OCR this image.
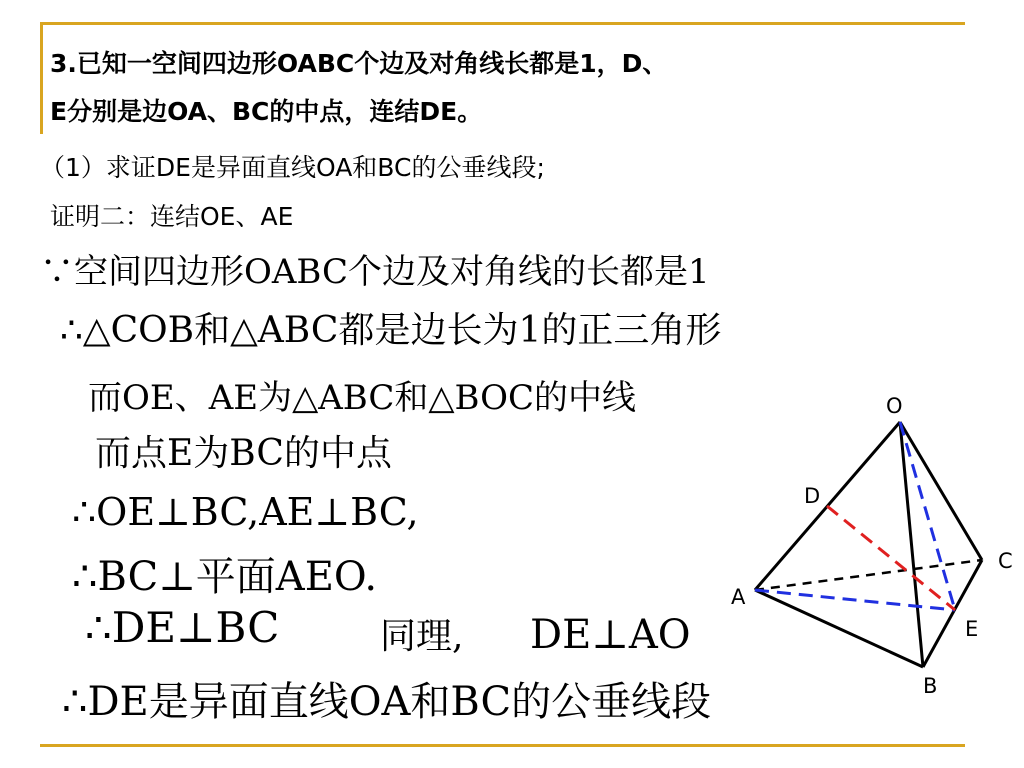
3.已知一空间四边形OABC个边及对角线长都是1，D、
E分别是边OA、BC的中点，连结DE。
（1）求证DE是异面直线OA和BC的公垂线段;
证明二：连结OE、AE
∵空间四边形OABC个边及对角线的长都是1
∴△COB和△ABC都是边长为1的正三角形
而OE、AE为△ABC和△BOC的中线
而点E为BC的中点
∴OE⊥BC,AE⊥BC,
∴BC⊥平面AEO.
∴DE⊥BC	同理, DE⊥AO
∴DE是异面直线OA和BC的公垂线段
O
D
C
A
E
B
